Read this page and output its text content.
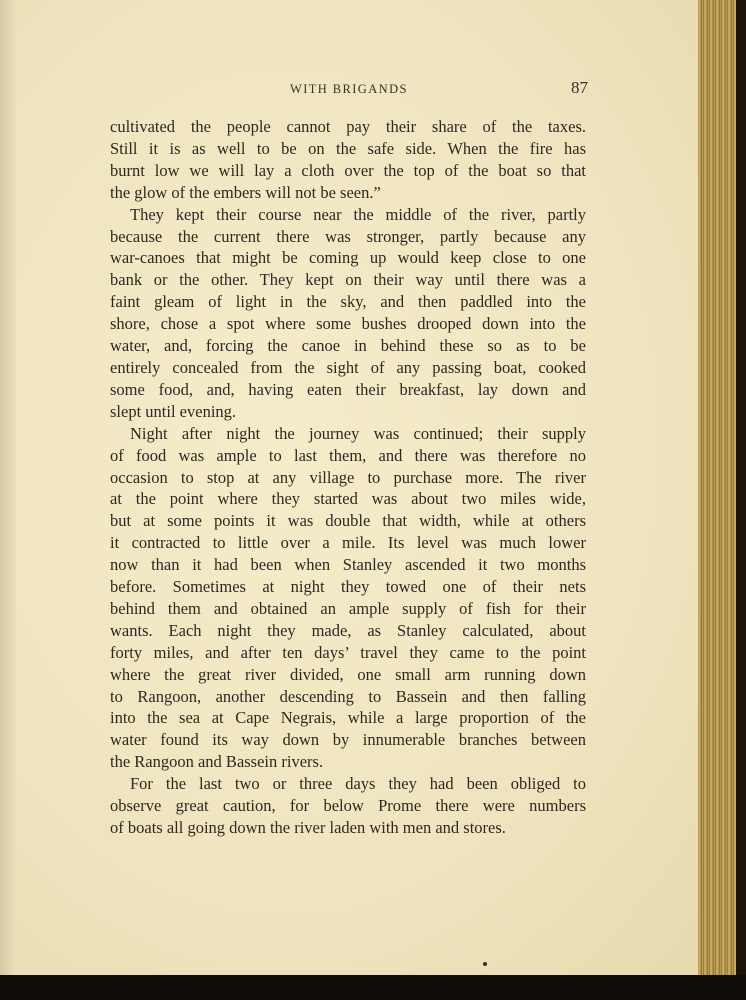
WITH BRIGANDS	87

cultivated the people cannot pay their share of the taxes.
Still it is as well to be on the safe side. When the fire has
burnt low we will lay a cloth over the top of the boat so that
the glow of the embers will not be seen.”

They kept their course near the middle of the river, partly
because the current there was stronger, partly because any
war-canoes that might be coming up would keep close to one
bank or the other. They kept on their way until there was a
faint gleam of light in the sky, and then paddled into the
shore, chose a spot where some bushes drooped down into the
water, and, forcing the canoe in behind these so as to be
entirely concealed from the sight of any passing boat, cooked
some food, and, having eaten their breakfast, lay down and
slept until evening.

Night after night the journey was continued; their supply
of food was ample to last them, and there was therefore no
occasion to stop at any village to purchase more. The river
at the point where they started was about two miles wide,
but at some points it was double that width, while at others
it contracted to little over a mile. Its level was much lower
now than it had been when Stanley ascended it two months
before. Sometimes at night they towed one of their nets
behind them and obtained an ample supply of fish for their
wants. Each night they made, as Stanley calculated, about
forty miles, and after ten days’ travel they came to the point
where the great river divided, one small arm running down
to Rangoon, another descending to Bassein and then falling
into the sea at Cape Negrais, while a large proportion of the
water found its way down by innumerable branches between
the Rangoon and Bassein rivers.

For the last two or three days they had been obliged to
observe great caution, for below Prome there were numbers
of boats all going down the river laden with men and stores.
